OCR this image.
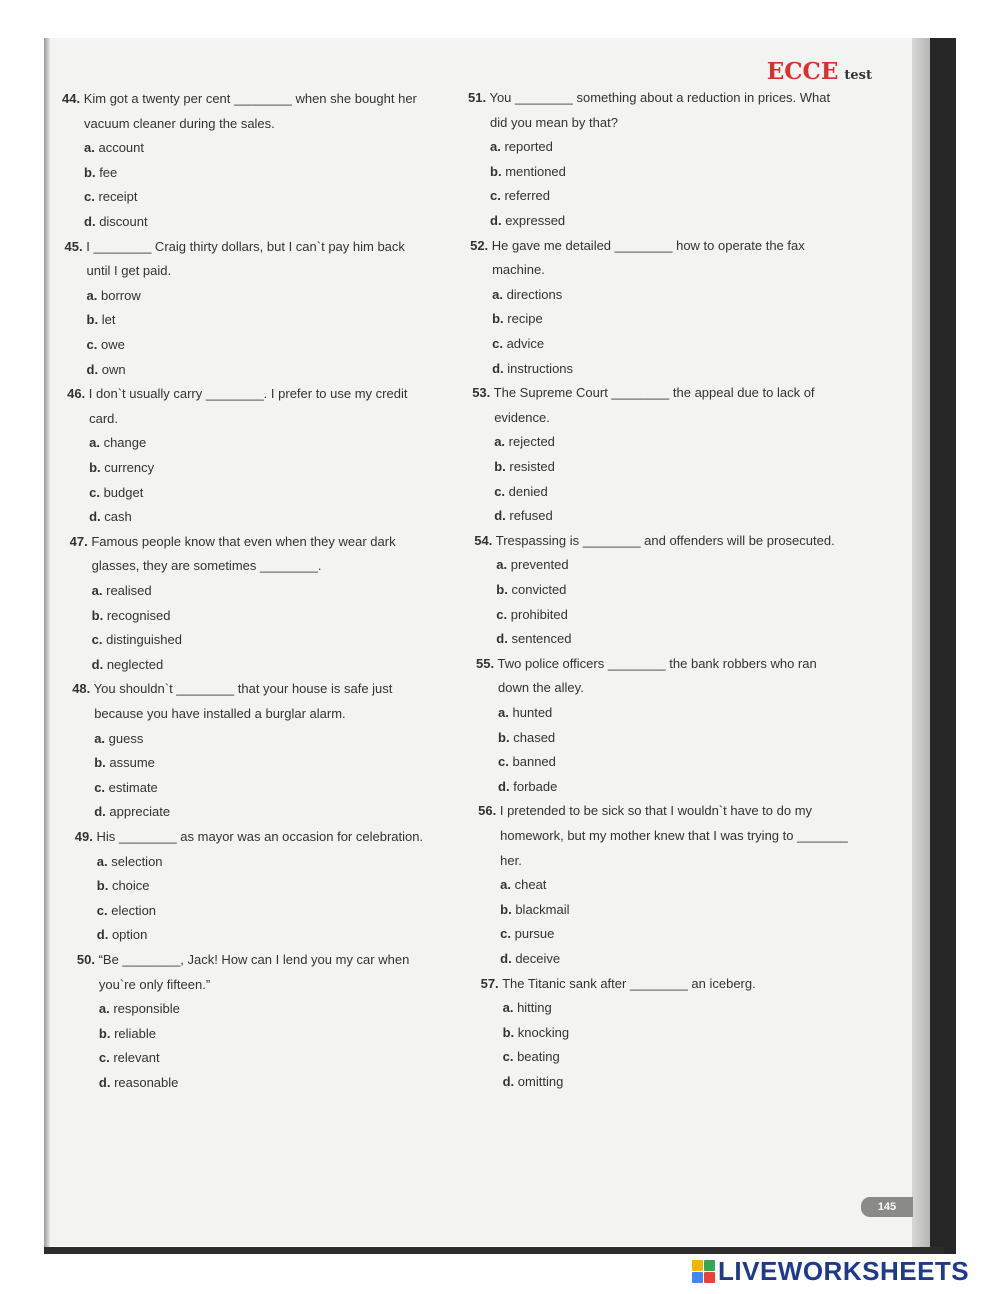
ECCE test
44. Kim got a twenty per cent ________ when she bought her
vacuum cleaner during the sales.
a. account
b. fee
c. receipt
d. discount
45. I ________ Craig thirty dollars, but I can`t pay him back
until I get paid.
a. borrow
b. let
c. owe
d. own
46. I don`t usually carry ________. I prefer to use my credit
card.
a. change
b. currency
c. budget
d. cash
47. Famous people know that even when they wear dark
glasses, they are sometimes ________.
a. realised
b. recognised
c. distinguished
d. neglected
48. You shouldn`t ________ that your house is safe just
because you have installed a burglar alarm.
a. guess
b. assume
c. estimate
d. appreciate
49. His ________ as mayor was an occasion for celebration.
a. selection
b. choice
c. election
d. option
50. “Be ________, Jack! How can I lend you my car when
you`re only fifteen.”
a. responsible
b. reliable
c. relevant
d. reasonable
51. You ________ something about a reduction in prices. What
did you mean by that?
a. reported
b. mentioned
c. referred
d. expressed
52. He gave me detailed ________ how to operate the fax
machine.
a. directions
b. recipe
c. advice
d. instructions
53. The Supreme Court ________ the appeal due to lack of
evidence.
a. rejected
b. resisted
c. denied
d. refused
54. Trespassing is ________ and offenders will be prosecuted.
a. prevented
b. convicted
c. prohibited
d. sentenced
55. Two police officers ________ the bank robbers who ran
down the alley.
a. hunted
b. chased
c. banned
d. forbade
56. I pretended to be sick so that I wouldn`t have to do my
homework, but my mother knew that I was trying to _______
her.
a. cheat
b. blackmail
c. pursue
d. deceive
57. The Titanic sank after ________ an iceberg.
a. hitting
b. knocking
c. beating
d. omitting
145
LIVEWORKSHEETS
